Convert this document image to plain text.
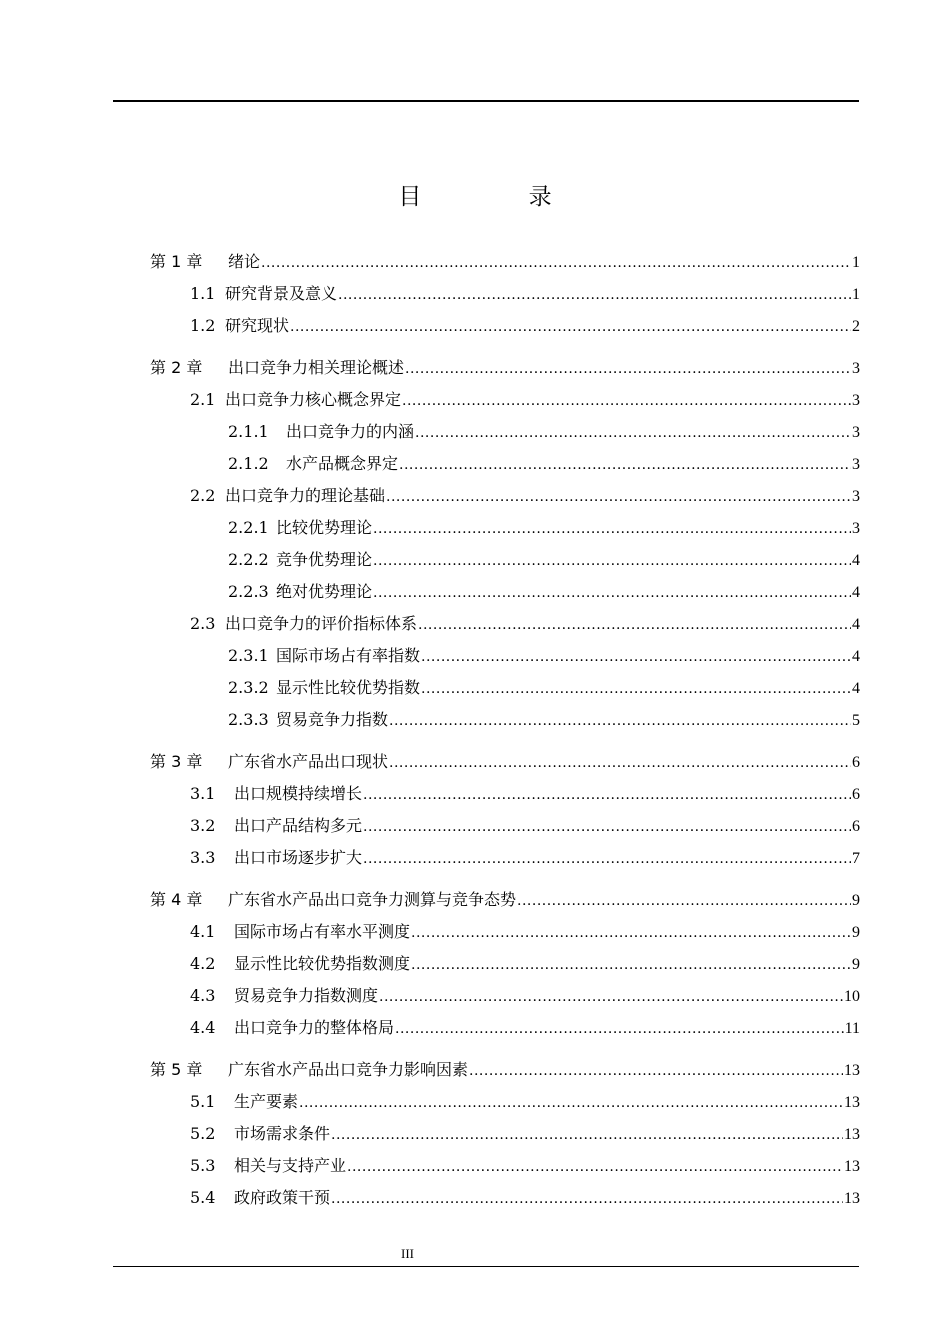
目 录
第 1 章	绪论 .....	1
1.1 研究背景及意义 .....	1
1.2 研究现状 .....	2
第 2 章	出口竞争力相关理论概述 .....	3
2.1 出口竞争力核心概念界定 .....	3
2.1.1	出口竞争力的内涵 .....	3
2.1.2	水产品概念界定 .....	3
2.2 出口竞争力的理论基础 .....	3
2.2.1 比较优势理论 .....	3
2.2.2 竞争优势理论 .....	4
2.2.3 绝对优势理论 .....	4
2.3 出口竞争力的评价指标体系 .....	4
2.3.1 国际市场占有率指数 .....	4
2.3.2 显示性比较优势指数 .....	4
2.3.3 贸易竞争力指数 .....	5
第 3 章	广东省水产品出口现状 .....	6
3.1	出口规模持续增长 .....	6
3.2	出口产品结构多元 .....	6
3.3	出口市场逐步扩大 .....	7
第 4 章	广东省水产品出口竞争力测算与竞争态势 .....	9
4.1	国际市场占有率水平测度 .....	9
4.2	显示性比较优势指数测度 .....	9
4.3	贸易竞争力指数测度 .....	10
4.4	出口竞争力的整体格局 .....	11
第 5 章	广东省水产品出口竞争力影响因素 .....	13
5.1	生产要素 .....	13
5.2	市场需求条件 .....	13
5.3	相关与支持产业 .....	13
5.4	政府政策干预 .....	13
III
